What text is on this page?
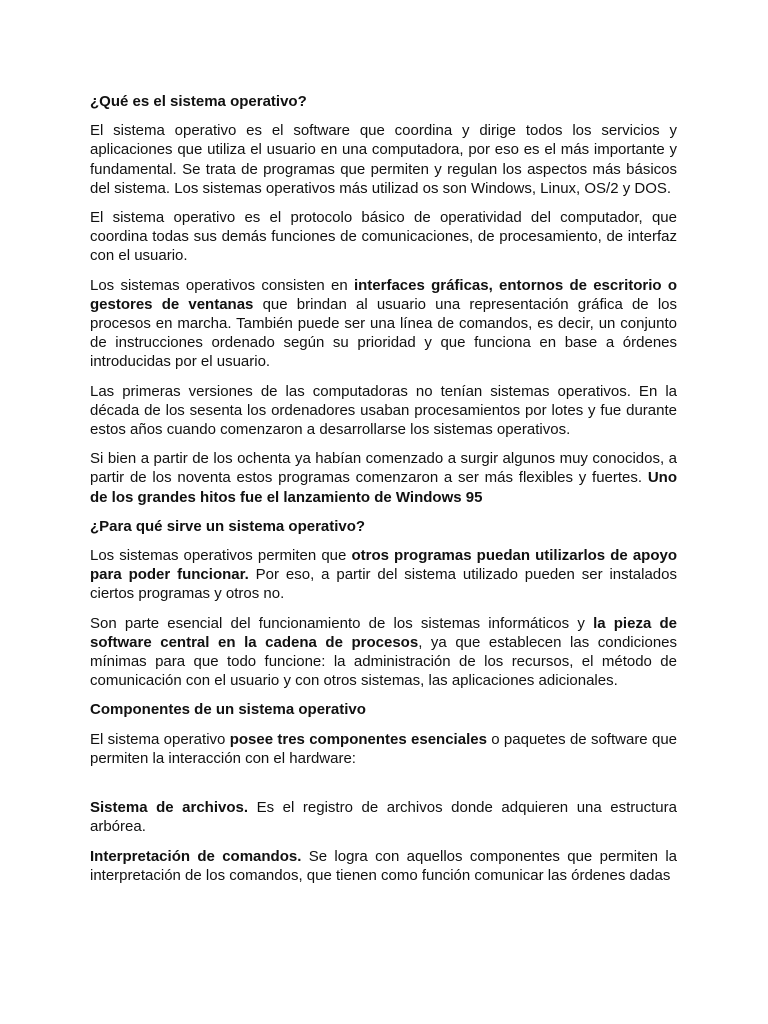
¿Qué es el sistema operativo?
El sistema operativo es el software que coordina y dirige todos los servicios y aplicaciones que utiliza el usuario en una computadora, por eso es el más importante y fundamental. Se trata de programas que permiten y regulan los aspectos más básicos del sistema. Los sistemas operativos más utilizad os son Windows, Linux, OS/2 y DOS.
El sistema operativo es el protocolo básico de operatividad del computador, que coordina todas sus demás funciones de comunicaciones, de procesamiento, de interfaz con el usuario.
Los sistemas operativos consisten en interfaces gráficas, entornos de escritorio o gestores de ventanas que brindan al usuario una representación gráfica de los procesos en marcha. También puede ser una línea de comandos, es decir, un conjunto de instrucciones ordenado según su prioridad y que funciona en base a órdenes introducidas por el usuario.
Las primeras versiones de las computadoras no tenían sistemas operativos. En la década de los sesenta los ordenadores usaban procesamientos por lotes y fue durante estos años cuando comenzaron a desarrollarse los sistemas operativos.
Si bien a partir de los ochenta ya habían comenzado a surgir algunos muy conocidos, a partir de los noventa estos programas comenzaron a ser más flexibles y fuertes. Uno de los grandes hitos fue el lanzamiento de Windows 95
¿Para qué sirve un sistema operativo?
Los sistemas operativos permiten que otros programas puedan utilizarlos de apoyo para poder funcionar. Por eso, a partir del sistema utilizado pueden ser instalados ciertos programas y otros no.
Son parte esencial del funcionamiento de los sistemas informáticos y la pieza de software central en la cadena de procesos, ya que establecen las condiciones mínimas para que todo funcione: la administración de los recursos, el método de comunicación con el usuario y con otros sistemas, las aplicaciones adicionales.
Componentes de un sistema operativo
El sistema operativo posee tres componentes esenciales o paquetes de software que permiten la interacción con el hardware:
Sistema de archivos. Es el registro de archivos donde adquieren una estructura arbórea.
Interpretación de comandos. Se logra con aquellos componentes que permiten la interpretación de los comandos, que tienen como función comunicar las órdenes dadas
